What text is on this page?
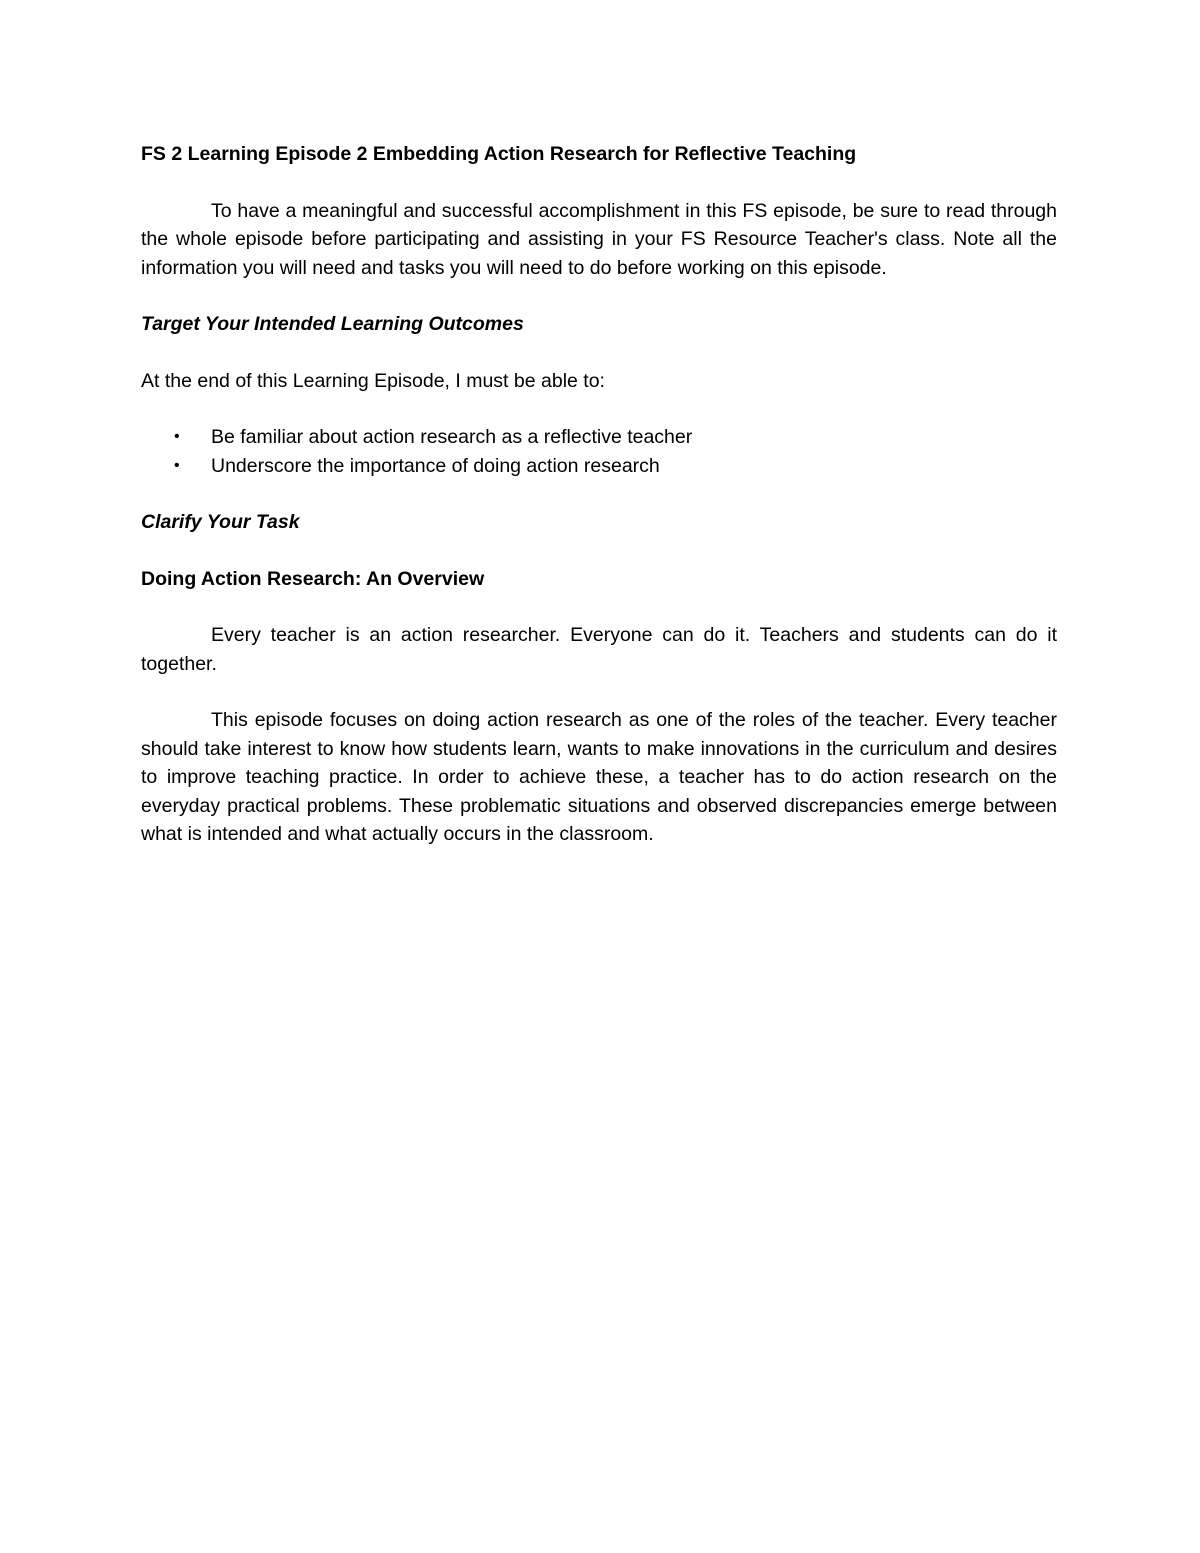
FS 2 Learning Episode 2 Embedding Action Research for Reflective Teaching

To have a meaningful and successful accomplishment in this FS episode, be sure to read through the whole episode before participating and assisting in your FS Resource Teacher's class. Note all the information you will need and tasks you will need to do before working on this episode.

Target Your Intended Learning Outcomes

At the end of this Learning Episode, I must be able to:

• Be familiar about action research as a reflective teacher
• Underscore the importance of doing action research

Clarify Your Task

Doing Action Research: An Overview

Every teacher is an action researcher. Everyone can do it. Teachers and students can do it together.

This episode focuses on doing action research as one of the roles of the teacher. Every teacher should take interest to know how students learn, wants to make innovations in the curriculum and desires to improve teaching practice. In order to achieve these, a teacher has to do action research on the everyday practical problems. These problematic situations and observed discrepancies emerge between what is intended and what actually occurs in the classroom.
